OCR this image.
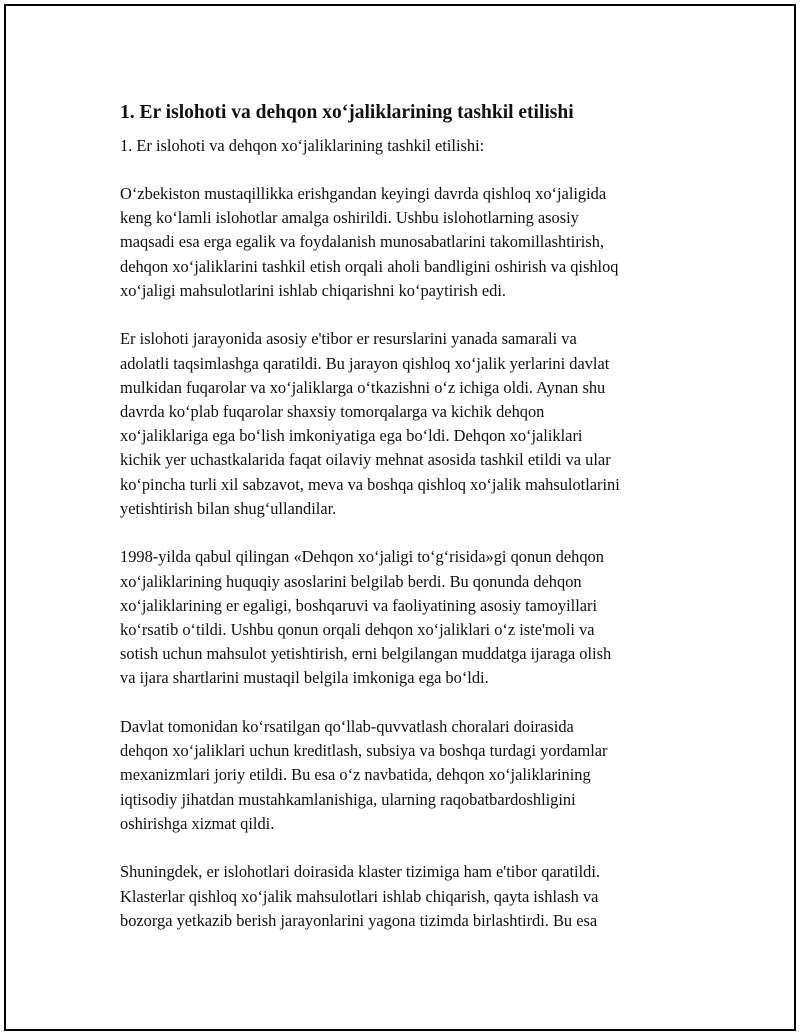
1. Er islohoti va dehqon xoʻjaliklarining tashkil etilishi
1. Er islohoti va dehqon xoʻjaliklarining tashkil etilishi:
Oʻzbekiston mustaqillikka erishgandan keyingi davrda qishloq xoʻjaligida
keng koʻlamli islohotlar amalga oshirildi. Ushbu islohotlarning asosiy
maqsadi esa erga egalik va foydalanish munosabatlarini takomillashtirish,
dehqon xoʻjaliklarini tashkil etish orqali aholi bandligini oshirish va qishloq
xoʻjaligi mahsulotlarini ishlab chiqarishni koʻpaytirish edi.
Er islohoti jarayonida asosiy e'tibor er resurslarini yanada samarali va
adolatli taqsimlashga qaratildi. Bu jarayon qishloq xoʻjalik yerlarini davlat
mulkidan fuqarolar va xoʻjaliklarga oʻtkazishni oʻz ichiga oldi. Aynan shu
davrda koʻplab fuqarolar shaxsiy tomorqalarga va kichik dehqon
xoʻjaliklariga ega boʻlish imkoniyatiga ega boʻldi. Dehqon xoʻjaliklari
kichik yer uchastkalarida faqat oilaviy mehnat asosida tashkil etildi va ular
koʻpincha turli xil sabzavot, meva va boshqa qishloq xoʻjalik mahsulotlarini
yetishtirish bilan shugʻullandilar.
1998-yilda qabul qilingan «Dehqon xoʻjaligi toʻgʻrisida»gi qonun dehqon
xoʻjaliklarining huquqiy asoslarini belgilab berdi. Bu qonunda dehqon
xoʻjaliklarining er egaligi, boshqaruvi va faoliyatining asosiy tamoyillari
koʻrsatib oʻtildi. Ushbu qonun orqali dehqon xoʻjaliklari oʻz iste'moli va
sotish uchun mahsulot yetishtirish, erni belgilangan muddatga ijaraga olish
va ijara shartlarini mustaqil belgila imkoniga ega boʻldi.
Davlat tomonidan koʻrsatilgan qoʻllab-quvvatlash choralari doirasida
dehqon xoʻjaliklari uchun kreditlash, subsiya va boshqa turdagi yordamlar
mexanizmlari joriy etildi. Bu esa oʻz navbatida, dehqon xoʻjaliklarining
iqtisodiy jihatdan mustahkamlanishiga, ularning raqobatbardoshligini
oshirishga xizmat qildi.
Shuningdek, er islohotlari doirasida klaster tizimiga ham e'tibor qaratildi.
Klasterlar qishloq xoʻjalik mahsulotlari ishlab chiqarish, qayta ishlash va
bozorga yetkazib berish jarayonlarini yagona tizimda birlashtirdi. Bu esa
